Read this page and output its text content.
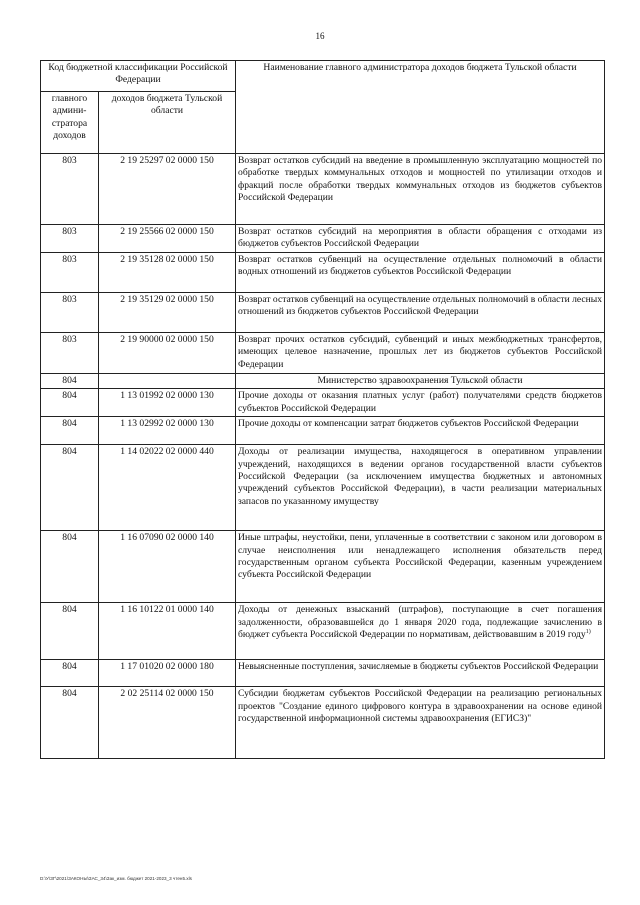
16
Код бюджетной классификации Российской Федерации		Наименование главного администратора доходов бюджета Тульской области
главного админи-стратора доходов	доходов бюджета Тульской области	
803	2 19 25297 02 0000 150	Возврат остатков субсидий на введение в промышленную эксплуатацию мощностей по обработке твердых коммунальных отходов и мощностей по утилизации отходов и фракций после обработки твердых коммунальных отходов из бюджетов субъектов Российской Федерации
803	2 19 25566 02 0000 150	Возврат остатков субсидий на мероприятия в области обращения с отходами из бюджетов субъектов Российской Федерации
803	2 19 35128 02 0000 150	Возврат остатков субвенций на осуществление отдельных полномочий в области водных отношений из бюджетов субъектов Российской Федерации
803	2 19 35129 02 0000 150	Возврат остатков субвенций на осуществление отдельных полномочий в области лесных отношений из бюджетов субъектов Российской Федерации
803	2 19 90000 02 0000 150	Возврат прочих остатков субсидий, субвенций и иных межбюджетных трансфертов, имеющих целевое назначение, прошлых лет из бюджетов субъектов Российской Федерации
804		Министерство здравоохранения Тульской области
804	1 13 01992 02 0000 130	Прочие доходы от оказания платных услуг (работ) получателями средств бюджетов субъектов Российской Федерации
804	1 13 02992 02 0000 130	Прочие доходы от компенсации затрат бюджетов субъектов Российской Федерации
804	1 14 02022 02 0000 440	Доходы от реализации имущества, находящегося в оперативном управлении учреждений, находящихся в ведении органов государственной власти субъектов Российской Федерации (за исключением имущества бюджетных и автономных учреждений субъектов Российской Федерации), в части реализации материальных запасов по указанному имуществу
804	1 16 07090 02 0000 140	Иные штрафы, неустойки, пени, уплаченные в соответствии с законом или договором в случае неисполнения или ненадлежащего исполнения обязательств перед государственным органом субъекта Российской Федерации, казенным учреждением субъекта Российской Федерации
804	1 16 10122 01 0000 140	Доходы от денежных взысканий (штрафов), поступающие в счет погашения задолженности, образовавшейся до 1 января 2020 года, подлежащие зачислению в бюджет субъекта Российской Федерации по нормативам, действовавшим в 2019 году$^{1)}$
804	1 17 01020 02 0000 180	Невыясненные поступления, зачисляемые в бюджеты субъектов Российской Федерации
804	2 02 25114 02 0000 150	Субсидии бюджетам субъектов Российской Федерации на реализацию региональных проектов "Создание единого цифрового контура в здравоохранении на основе единой государственной информационной системы здравоохранения (ЕГИСЗ)"
D:\У\ЗГ\2021\ЗАКОНЫ\ЗАС_34\Зак_изм. бюджет 2021-2023_3 чтен5.xls
